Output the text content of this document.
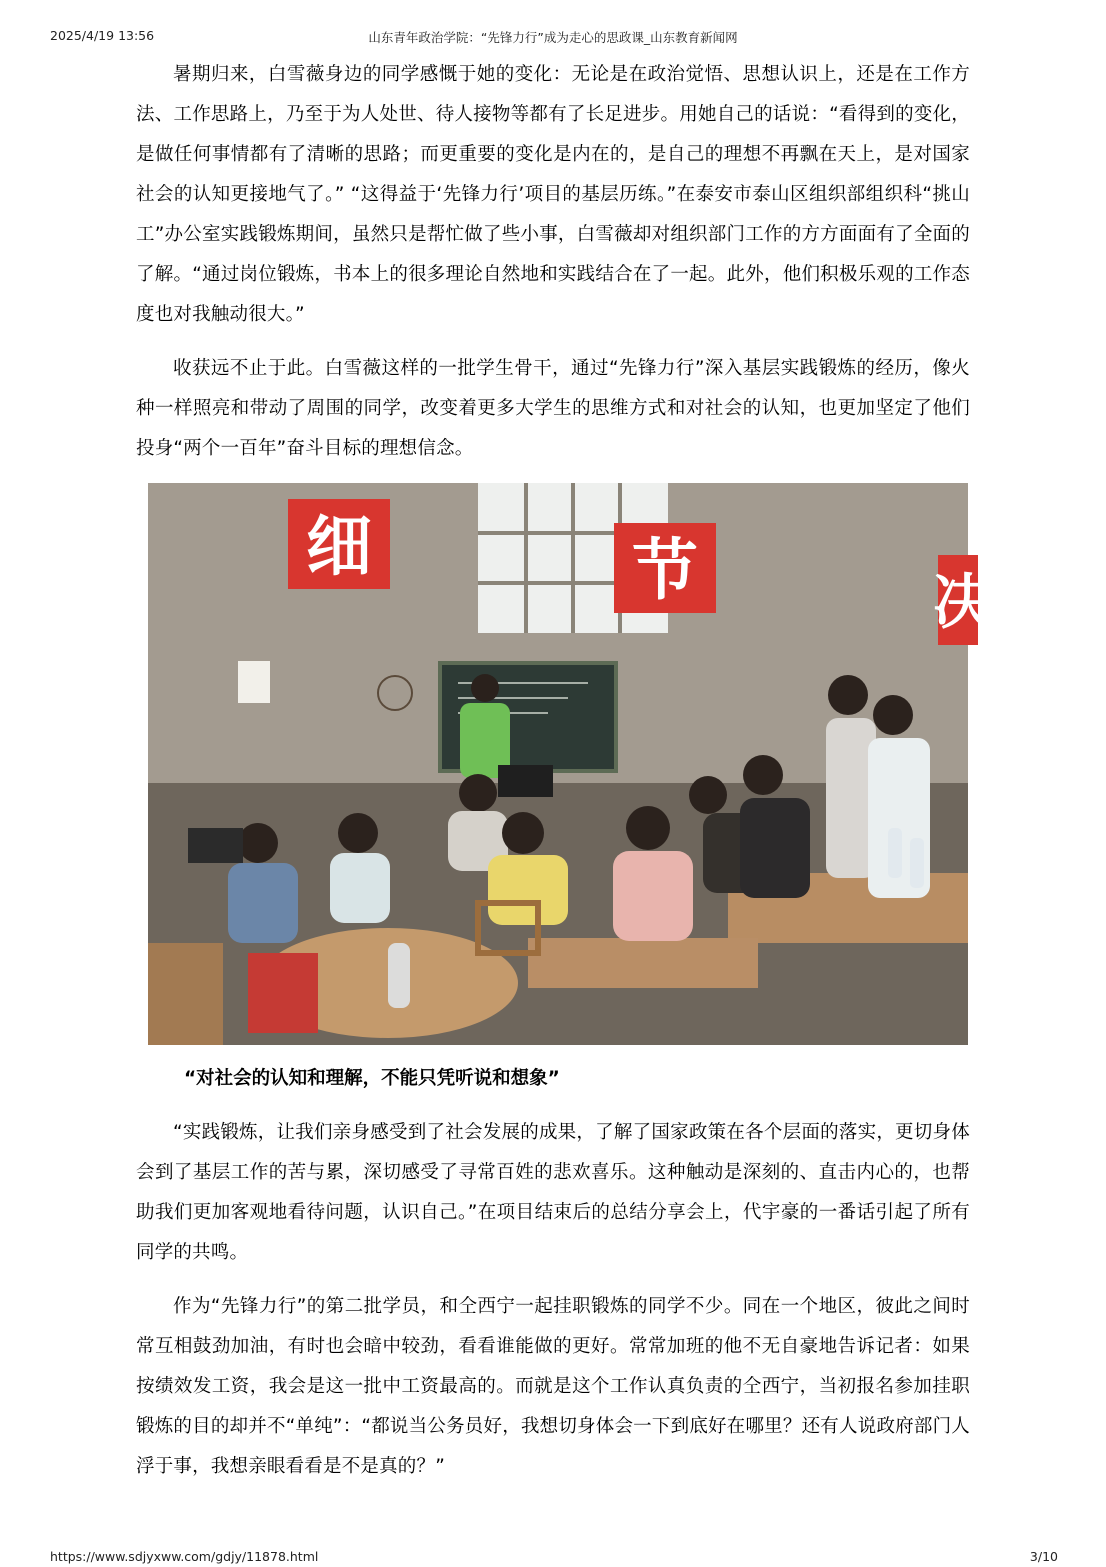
2025/4/19 13:56	山东青年政治学院：“先锋力行”成为走心的思政课_山东教育新闻网

暑期归来，白雪薇身边的同学感慨于她的变化：无论是在政治觉悟、思想认识上，还是在工作方法、工作思路上，乃至于为人处世、待人接物等都有了长足进步。用她自己的话说：“看得到的变化，是做任何事情都有了清晰的思路；而更重要的变化是内在的，是自己的理想不再飘在天上，是对国家社会的认知更接地气了。” “这得益于‘先锋力行’项目的基层历练。”在泰安市泰山区组织部组织科“挑山工”办公室实践锻炼期间，虽然只是帮忙做了些小事，白雪薇却对组织部门工作的方方面面有了全面的了解。“通过岗位锻炼，书本上的很多理论自然地和实践结合在了一起。此外，他们积极乐观的工作态度也对我触动很大。”

收获远不止于此。白雪薇这样的一批学生骨干，通过“先锋力行”深入基层实践锻炼的经历，像火种一样照亮和带动了周围的同学，改变着更多大学生的思维方式和对社会的认知，也更加坚定了他们投身“两个一百年”奋斗目标的理想信念。

细	节	决

“对社会的认知和理解，不能只凭听说和想象”

“实践锻炼，让我们亲身感受到了社会发展的成果，了解了国家政策在各个层面的落实，更切身体会到了基层工作的苦与累，深切感受了寻常百姓的悲欢喜乐。这种触动是深刻的、直击内心的，也帮助我们更加客观地看待问题，认识自己。”在项目结束后的总结分享会上，代宇豪的一番话引起了所有同学的共鸣。

作为“先锋力行”的第二批学员，和仝西宁一起挂职锻炼的同学不少。同在一个地区，彼此之间时常互相鼓劲加油，有时也会暗中较劲，看看谁能做的更好。常常加班的他不无自豪地告诉记者：如果按绩效发工资，我会是这一批中工资最高的。而就是这个工作认真负责的仝西宁，当初报名参加挂职锻炼的目的却并不“单纯”：“都说当公务员好，我想切身体会一下到底好在哪里？还有人说政府部门人浮于事，我想亲眼看看是不是真的？”

https://www.sdjyxww.com/gdjy/11878.html	3/10
